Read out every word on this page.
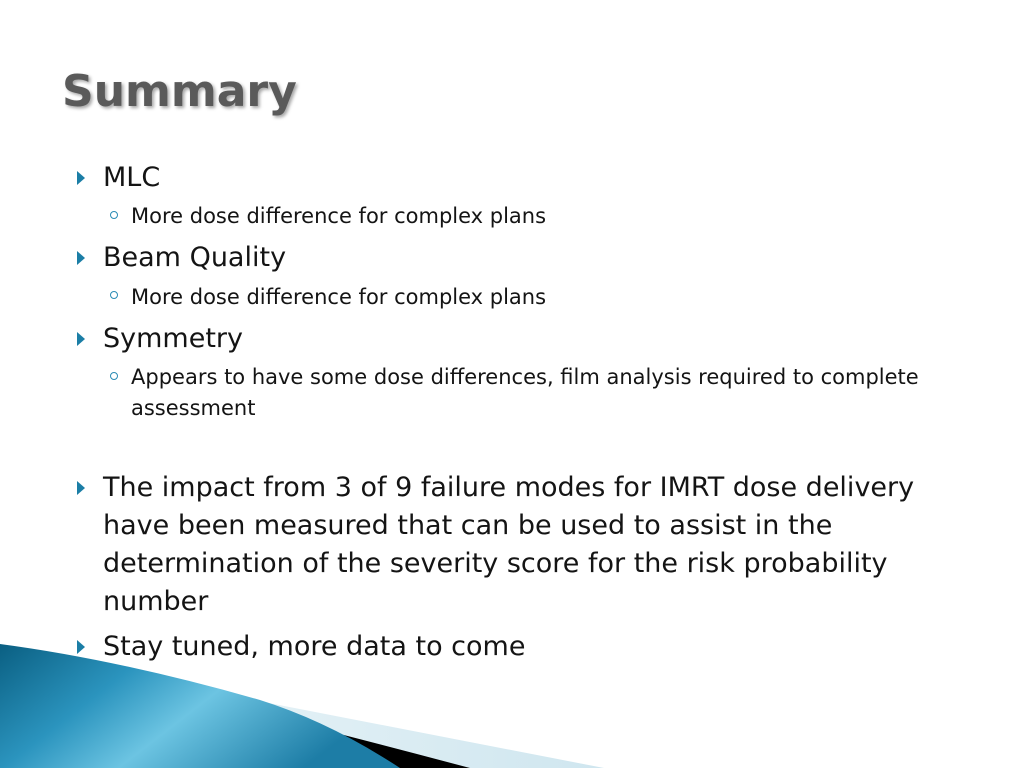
Summary
MLC
More dose difference for complex plans
Beam Quality
More dose difference for complex plans
Symmetry
Appears to have some dose differences, film analysis required to complete assessment
The impact from 3 of 9 failure modes for IMRT dose delivery have been measured that can be used to assist in the determination of the severity score for the risk probability number
Stay tuned, more data to come
